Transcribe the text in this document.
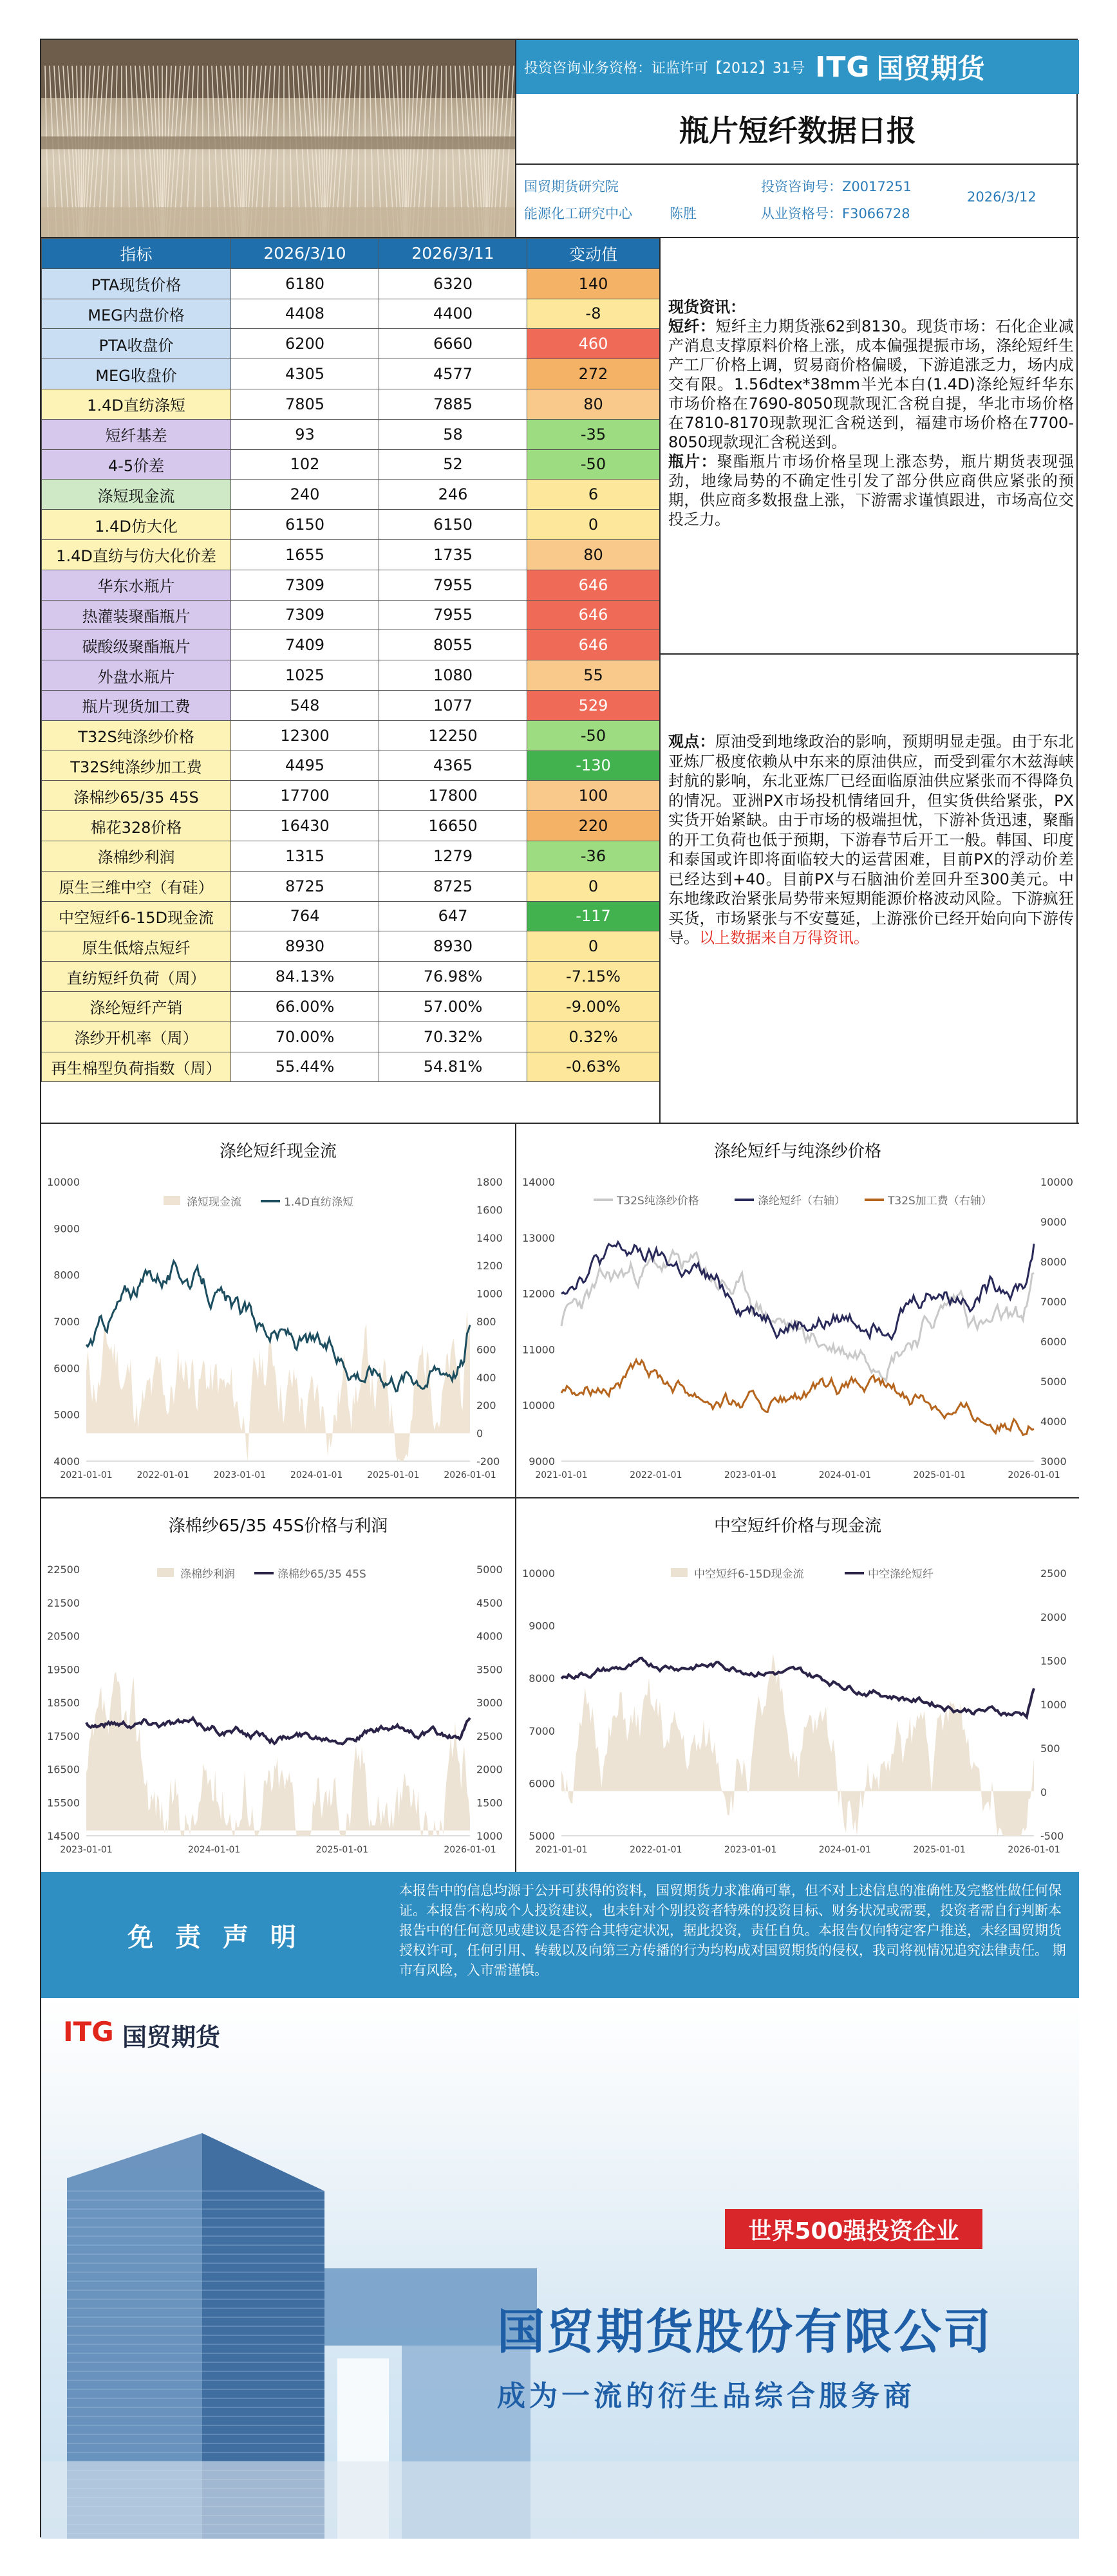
投资咨询业务资格：证监许可【2012】31号 ITG 国贸期货
瓶片短纤数据日报
国贸期货研究院
能源化工研究中心	陈胜
投资咨询号：Z0017251
从业资格号：F3066728
2026/3/12
指标	2026/3/10	2026/3/11	变动值
PTA现货价格	6180	6320	140
MEG内盘价格	4408	4400	-8
PTA收盘价	6200	6660	460
MEG收盘价	4305	4577	272
1.4D直纺涤短	7805	7885	80
短纤基差	93	58	-35
4-5价差	102	52	-50
涤短现金流	240	246	6
1.4D仿大化	6150	6150	0
1.4D直纺与仿大化价差	1655	1735	80
华东水瓶片	7309	7955	646
热灌装聚酯瓶片	7309	7955	646
碳酸级聚酯瓶片	7409	8055	646
外盘水瓶片	1025	1080	55
瓶片现货加工费	548	1077	529
T32S纯涤纱价格	12300	12250	-50
T32S纯涤纱加工费	4495	4365	-130
涤棉纱65/35 45S	17700	17800	100
棉花328价格	16430	16650	220
涤棉纱利润	1315	1279	-36
原生三维中空（有硅）	8725	8725	0
中空短纤6-15D现金流	764	647	-117
原生低熔点短纤	8930	8930	0
直纺短纤负荷（周）	84.13%	76.98%	-7.15%
涤纶短纤产销	66.00%	57.00%	-9.00%
涤纱开机率（周）	70.00%	70.32%	0.32%
再生棉型负荷指数（周）	55.44%	54.81%	-0.63%
现货资讯：
短纤：短纤主力期货涨62到8130。现货市场：石化企业减产消息支撑原料价格上涨，成本偏强提振市场，涤纶短纤生产工厂价格上调，贸易商价格偏暖，下游追涨乏力，场内成交有限。1.56dtex*38mm半光本白(1.4D)涤纶短纤华东市场价格在7690-8050现款现汇含税自提，华北市场价格在7810-8170现款现汇含税送到，福建市场价格在7700-8050现款现汇含税送到。
瓶片：聚酯瓶片市场价格呈现上涨态势，瓶片期货表现强劲，地缘局势的不确定性引发了部分供应商供应紧张的预期，供应商多数报盘上涨，下游需求谨慎跟进，市场高位交投乏力。
观点：原油受到地缘政治的影响，预期明显走强。由于东北亚炼厂极度依赖从中东来的原油供应，而受到霍尔木兹海峡封航的影响，东北亚炼厂已经面临原油供应紧张而不得降负的情况。亚洲PX市场投机情绪回升，但实货供给紧张，PX实货开始紧缺。由于市场的极端担忧，下游补货迅速，聚酯的开工负荷也低于预期，下游春节后开工一般。韩国、印度和泰国或许即将面临较大的运营困难，目前PX的浮动价差已经达到+40。目前PX与石脑油价差回升至300美元。中东地缘政治紧张局势带来短期能源价格波动风险。下游疯狂买货，市场紧张与不安蔓延，上游涨价已经开始向向下游传导。以上数据来自万得资讯。
涤纶短纤现金流
涤短现金流	1.4D直纺涤短
10000
9000
8000
7000
6000
5000
4000
1800
1600
1400
1200
1000
800
600
400
200
0
-200
2021-01-01	2022-01-01	2023-01-01	2024-01-01	2025-01-01	2026-01-01
涤纶短纤与纯涤纱价格
T32S纯涤纱价格	涤纶短纤（右轴）	T32S加工费（右轴）
14000
13000
12000
11000
10000
9000
10000
9000
8000
7000
6000
5000
4000
3000
2021-01-01	2022-01-01	2023-01-01	2024-01-01	2025-01-01	2026-01-01
涤棉纱65/35 45S价格与利润
涤棉纱利润	涤棉纱65/35 45S
22500
21500
20500
19500
18500
17500
16500
15500
14500
5000
4500
4000
3500
3000
2500
2000
1500
1000
2023-01-01	2024-01-01	2025-01-01	2026-01-01
中空短纤价格与现金流
中空短纤6-15D现金流	中空涤纶短纤
10000
9000
8000
7000
6000
5000
2500
2000
1500
1000
500
0
-500
2021-01-01	2022-01-01	2023-01-01	2024-01-01	2025-01-01	2026-01-01
免 责 声 明
本报告中的信息均源于公开可获得的资料，国贸期货力求准确可靠，但不对上述信息的准确性及完整性做任何保证。本报告不构成个人投资建议，也未针对个别投资者特殊的投资目标、财务状况或需要，投资者需自行判断本报告中的任何意见或建议是否符合其特定状况，据此投资，责任自负。本报告仅向特定客户推送，未经国贸期货授权许可，任何引用、转载以及向第三方传播的行为均构成对国贸期货的侵权，我司将视情况追究法律责任。 期市有风险，入市需谨慎。
ITG 国贸期货
世界500强投资企业
国贸期货股份有限公司
成为一流的衍生品综合服务商
